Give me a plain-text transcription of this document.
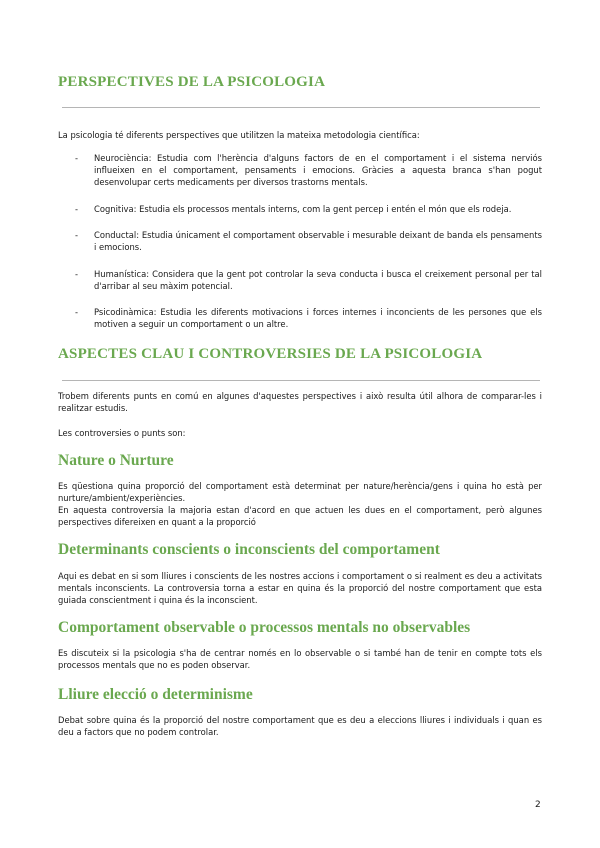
PERSPECTIVES DE LA PSICOLOGIA

La psicologia té diferents perspectives que utilitzen la mateixa metodologia científica:

- Neurociència: Estudia com l'herència d'alguns factors de en el comportament i el sistema nerviós influeixen en el comportament, pensaments i emocions. Gràcies a aquesta branca s'han pogut desenvolupar certs medicaments per diversos trastorns mentals.
- Cognitiva: Estudia els processos mentals interns, com la gent percep i entén el món que els rodeja.
- Conductal: Estudia únicament el comportament observable i mesurable deixant de banda els pensaments i emocions.
- Humanística: Considera que la gent pot controlar la seva conducta i busca el creixement personal per tal d'arribar al seu màxim potencial.
- Psicodinàmica: Estudia les diferents motivacions i forces internes i inconcients de les persones que els motiven a seguir un comportament o un altre.
ASPECTES CLAU I CONTROVERSIES DE LA PSICOLOGIA

Trobem diferents punts en comú en algunes d'aquestes perspectives i això resulta útil alhora de comparar-les i realitzar estudis.

Les controversies o punts son:

Nature o Nurture

Es qüestiona quina proporció del comportament està determinat per nature/herència/gens i quina ho està per nurture/ambient/experiències.

En aquesta controversia la majoria estan d'acord en que actuen les dues en el comportament, però algunes perspectives difereixen en quant a la proporció

Determinants conscients o inconscients del comportament

Aqui es debat en si som lliures i conscients de les nostres accions i comportament o si realment es deu a activitats mentals inconscients. La controversia torna a estar en quina és la proporció del nostre comportament que esta guiada conscientment i quina és la inconscient.

Comportament observable o processos mentals no observables

Es discuteix si la psicologia s'ha de centrar només en lo observable o si també han de tenir en compte tots els processos mentals que no es poden observar.

Lliure elecció o determinisme

Debat sobre quina és la proporció del nostre comportament que es deu a eleccions lliures i individuals i quan es deu a factors que no podem controlar.

2
